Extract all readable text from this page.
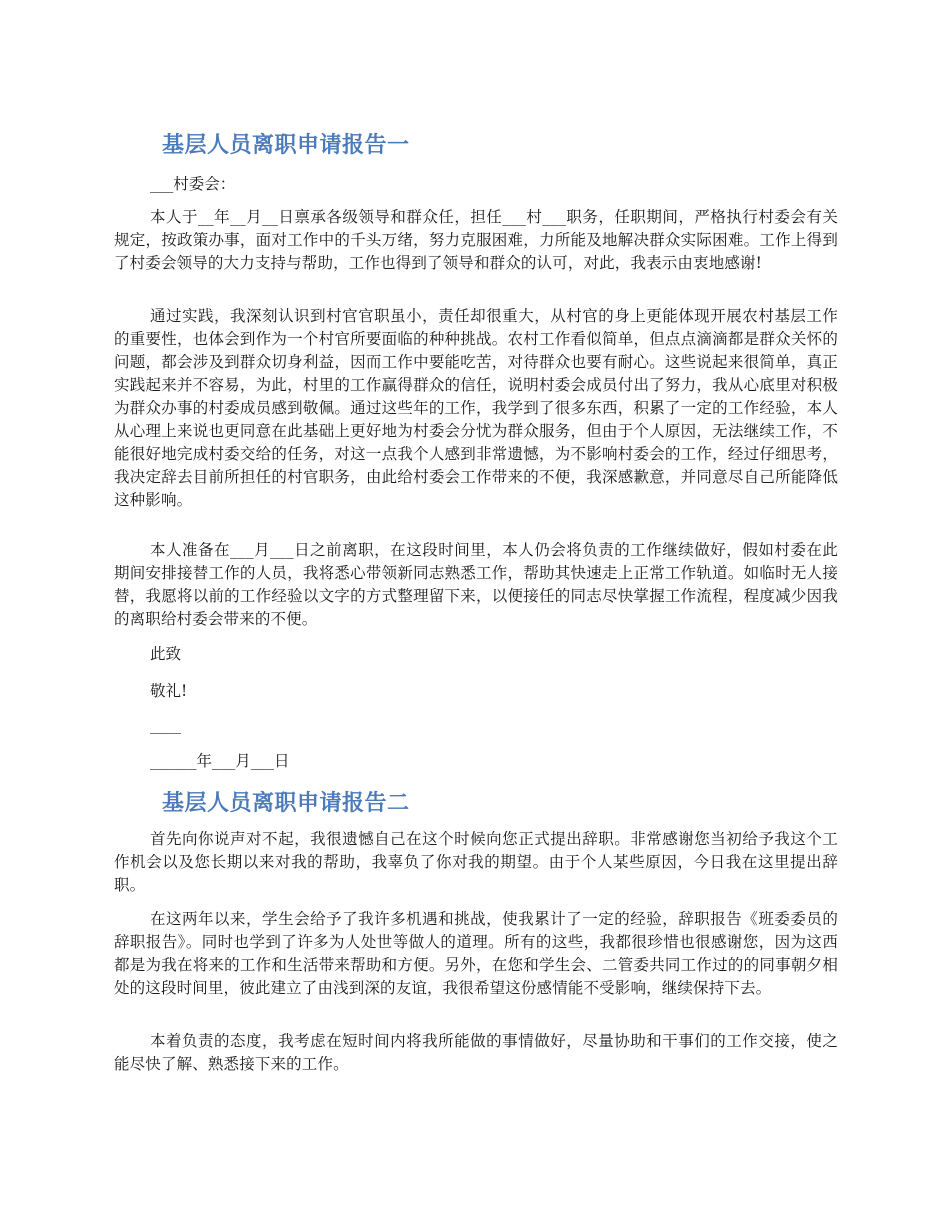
基层人员离职申请报告一
___村委会：
本人于__年__月__日禀承各级领导和群众任，担任___村___职务，任职期间，严格执行村委会有关规定，按政策办事，面对工作中的千头万绪，努力克服困难，力所能及地解决群众实际困难。工作上得到了村委会领导的大力支持与帮助，工作也得到了领导和群众的认可，对此，我表示由衷地感谢!
通过实践，我深刻认识到村官官职虽小，责任却很重大，从村官的身上更能体现开展农村基层工作的重要性，也体会到作为一个村官所要面临的种种挑战。农村工作看似简单，但点点滴滴都是群众关怀的问题，都会涉及到群众切身利益，因而工作中要能吃苦，对待群众也要有耐心。这些说起来很简单，真正实践起来并不容易，为此，村里的工作赢得群众的信任，说明村委会成员付出了努力，我从心底里对积极为群众办事的村委成员感到敬佩。通过这些年的工作，我学到了很多东西，积累了一定的工作经验，本人从心理上来说也更同意在此基础上更好地为村委会分忧为群众服务，但由于个人原因，无法继续工作，不能很好地完成村委交给的任务，对这一点我个人感到非常遗憾，为不影响村委会的工作，经过仔细思考，我决定辞去目前所担任的村官职务，由此给村委会工作带来的不便，我深感歉意，并同意尽自己所能降低这种影响。
本人准备在___月___日之前离职，在这段时间里，本人仍会将负责的工作继续做好，假如村委在此期间安排接替工作的人员，我将悉心带领新同志熟悉工作，帮助其快速走上正常工作轨道。如临时无人接替，我愿将以前的工作经验以文字的方式整理留下来，以便接任的同志尽快掌握工作流程，程度减少因我的离职给村委会带来的不便。
此致
敬礼!
____
______年___月___日
基层人员离职申请报告二
首先向你说声对不起，我很遗憾自己在这个时候向您正式提出辞职。非常感谢您当初给予我这个工作机会以及您长期以来对我的帮助，我辜负了你对我的期望。由于个人某些原因，今日我在这里提出辞职。
在这两年以来，学生会给予了我许多机遇和挑战，使我累计了一定的经验，辞职报告《班委委员的辞职报告》。同时也学到了许多为人处世等做人的道理。所有的这些，我都很珍惜也很感谢您，因为这西都是为我在将来的工作和生活带来帮助和方便。另外，在您和学生会、二管委共同工作过的的同事朝夕相处的这段时间里，彼此建立了由浅到深的友谊，我很希望这份感情能不受影响，继续保持下去。
本着负责的态度，我考虑在短时间内将我所能做的事情做好，尽量协助和干事们的工作交接，使之能尽快了解、熟悉接下来的工作。
